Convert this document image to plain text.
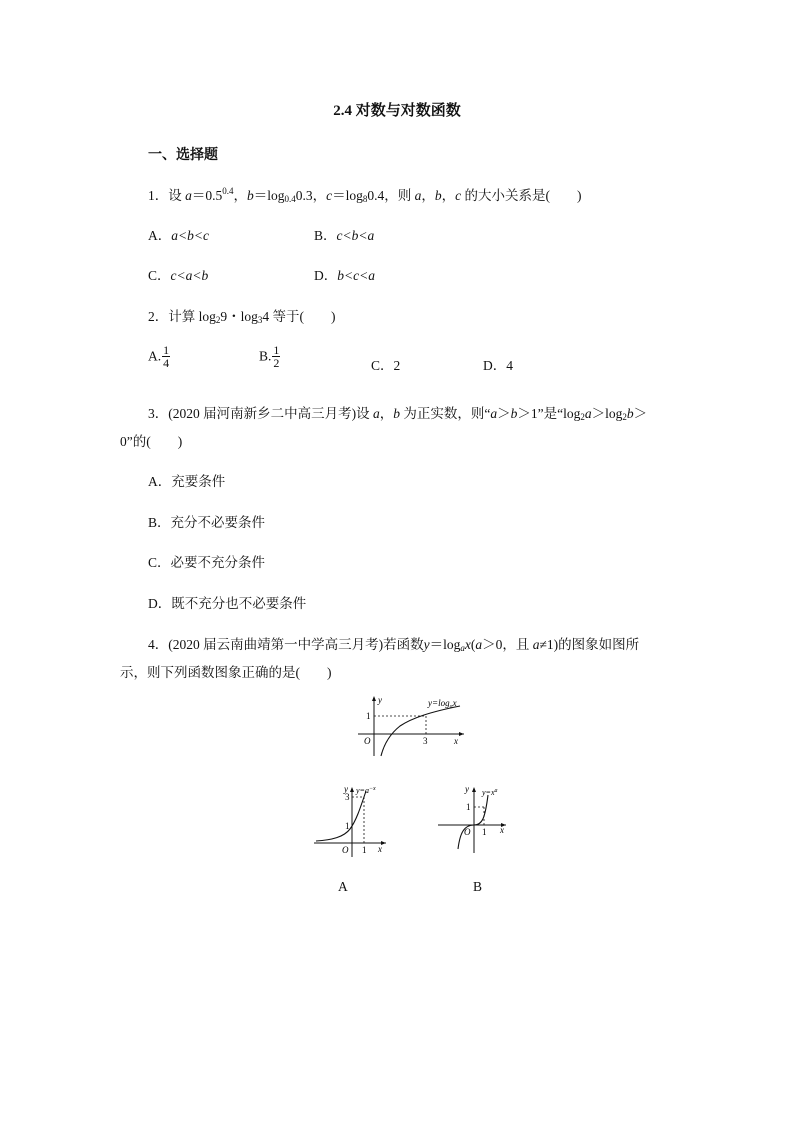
2.4 对数与对数函数
一、选择题
1．设 $a=0.5^{0.4}$，$b=\log_{0.4}0.3$，$c=\log_80.4$，则 a，b，c 的大小关系是(　　)
A．a<b<c	B．c<b<a
C．c<a<b	D．b<c<a
2．计算 $\log_29$・$\log_34$ 等于(　　)
A. $\frac{1}{4}$	B. $\frac{1}{2}$	C．2	D．4
3．(2020 届河南新乡二中高三月考)设 a，b 为正实数，则“a＞b＞1”是“$\log_2a>\log_2b>$
0”的(　　)
A．充要条件
B．充分不必要条件
C．必要不充分条件
D．既不充分也不必要条件
4．(2020 届云南曲靖第一中学高三月考)若函数$y=\log_ax(a>0$，且 a≠1)的图象如图所
示，则下列函数图象正确的是(　　)
y
x
O
1
3
$y=\log_ax$
y
x
O
1
3
1
y=a−x	y
x
O
1
1
$y=x^a$
A	B
